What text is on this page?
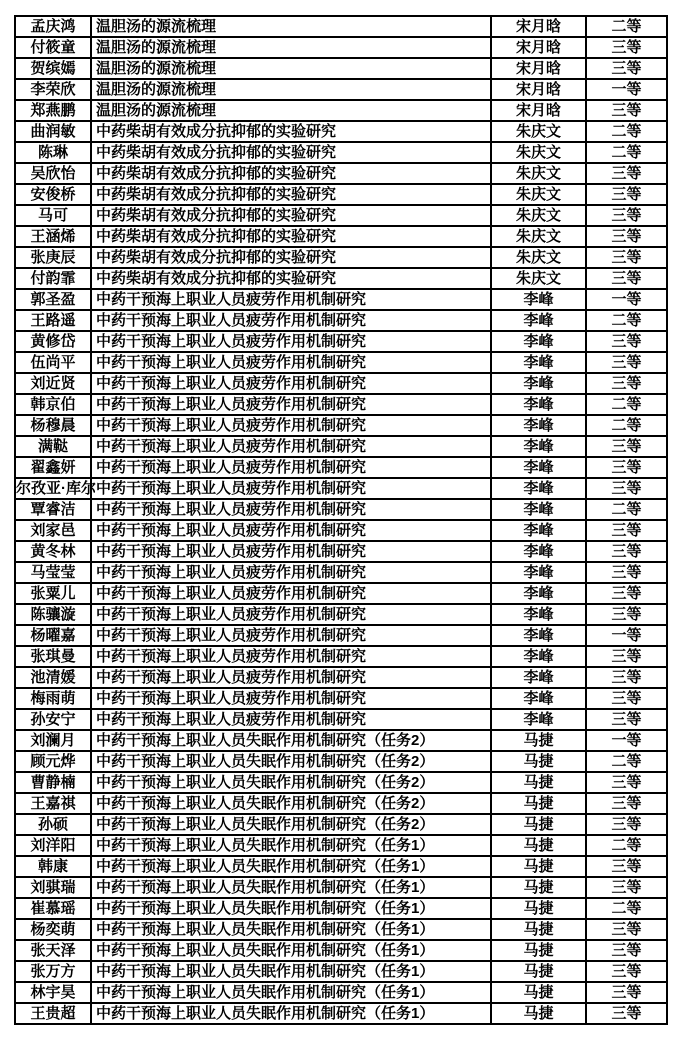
孟庆鸿	温胆汤的源流梳理	宋月晗	二等
付筱童	温胆汤的源流梳理	宋月晗	三等
贺缤嫣	温胆汤的源流梳理	宋月晗	三等
李荣欣	温胆汤的源流梳理	宋月晗	一等
郑燕鹏	温胆汤的源流梳理	宋月晗	三等
曲润敏	中药柴胡有效成分抗抑郁的实验研究	朱庆文	二等
陈琳	中药柴胡有效成分抗抑郁的实验研究	朱庆文	二等
吴欣怡	中药柴胡有效成分抗抑郁的实验研究	朱庆文	三等
安俊桥	中药柴胡有效成分抗抑郁的实验研究	朱庆文	三等
马可	中药柴胡有效成分抗抑郁的实验研究	朱庆文	三等
王涵烯	中药柴胡有效成分抗抑郁的实验研究	朱庆文	三等
张庚辰	中药柴胡有效成分抗抑郁的实验研究	朱庆文	三等
付韵霏	中药柴胡有效成分抗抑郁的实验研究	朱庆文	三等
郭圣盈	中药干预海上职业人员疲劳作用机制研究	李峰	一等
王路遥	中药干预海上职业人员疲劳作用机制研究	李峰	二等
黄修岱	中药干预海上职业人员疲劳作用机制研究	李峰	三等
伍尚平	中药干预海上职业人员疲劳作用机制研究	李峰	三等
刘近贤	中药干预海上职业人员疲劳作用机制研究	李峰	三等
韩京伯	中药干预海上职业人员疲劳作用机制研究	李峰	二等
杨穆晨	中药干预海上职业人员疲劳作用机制研究	李峰	二等
满鞑	中药干预海上职业人员疲劳作用机制研究	李峰	三等
翟鑫妍	中药干预海上职业人员疲劳作用机制研究	李峰	三等
尔孜亚·库尔	中药干预海上职业人员疲劳作用机制研究	李峰	三等
覃睿洁	中药干预海上职业人员疲劳作用机制研究	李峰	二等
刘家邑	中药干预海上职业人员疲劳作用机制研究	李峰	三等
黄冬林	中药干预海上职业人员疲劳作用机制研究	李峰	三等
马莹莹	中药干预海上职业人员疲劳作用机制研究	李峰	三等
张粟儿	中药干预海上职业人员疲劳作用机制研究	李峰	三等
陈骧漩	中药干预海上职业人员疲劳作用机制研究	李峰	三等
杨曜嘉	中药干预海上职业人员疲劳作用机制研究	李峰	一等
张琪曼	中药干预海上职业人员疲劳作用机制研究	李峰	三等
池清媛	中药干预海上职业人员疲劳作用机制研究	李峰	三等
梅雨萌	中药干预海上职业人员疲劳作用机制研究	李峰	三等
孙安宁	中药干预海上职业人员疲劳作用机制研究	李峰	三等
刘澜月	中药干预海上职业人员失眠作用机制研究（任务2）	马捷	一等
顾元烨	中药干预海上职业人员失眠作用机制研究（任务2）	马捷	二等
曹静楠	中药干预海上职业人员失眠作用机制研究（任务2）	马捷	三等
王嘉祺	中药干预海上职业人员失眠作用机制研究（任务2）	马捷	三等
孙硕	中药干预海上职业人员失眠作用机制研究（任务2）	马捷	三等
刘洋阳	中药干预海上职业人员失眠作用机制研究（任务1）	马捷	二等
韩康	中药干预海上职业人员失眠作用机制研究（任务1）	马捷	三等
刘骐瑞	中药干预海上职业人员失眠作用机制研究（任务1）	马捷	三等
崔慕瑶	中药干预海上职业人员失眠作用机制研究（任务1）	马捷	二等
杨奕萌	中药干预海上职业人员失眠作用机制研究（任务1）	马捷	三等
张天泽	中药干预海上职业人员失眠作用机制研究（任务1）	马捷	三等
张万方	中药干预海上职业人员失眠作用机制研究（任务1）	马捷	三等
林宇昊	中药干预海上职业人员失眠作用机制研究（任务1）	马捷	三等
王贵超	中药干预海上职业人员失眠作用机制研究（任务1）	马捷	三等
